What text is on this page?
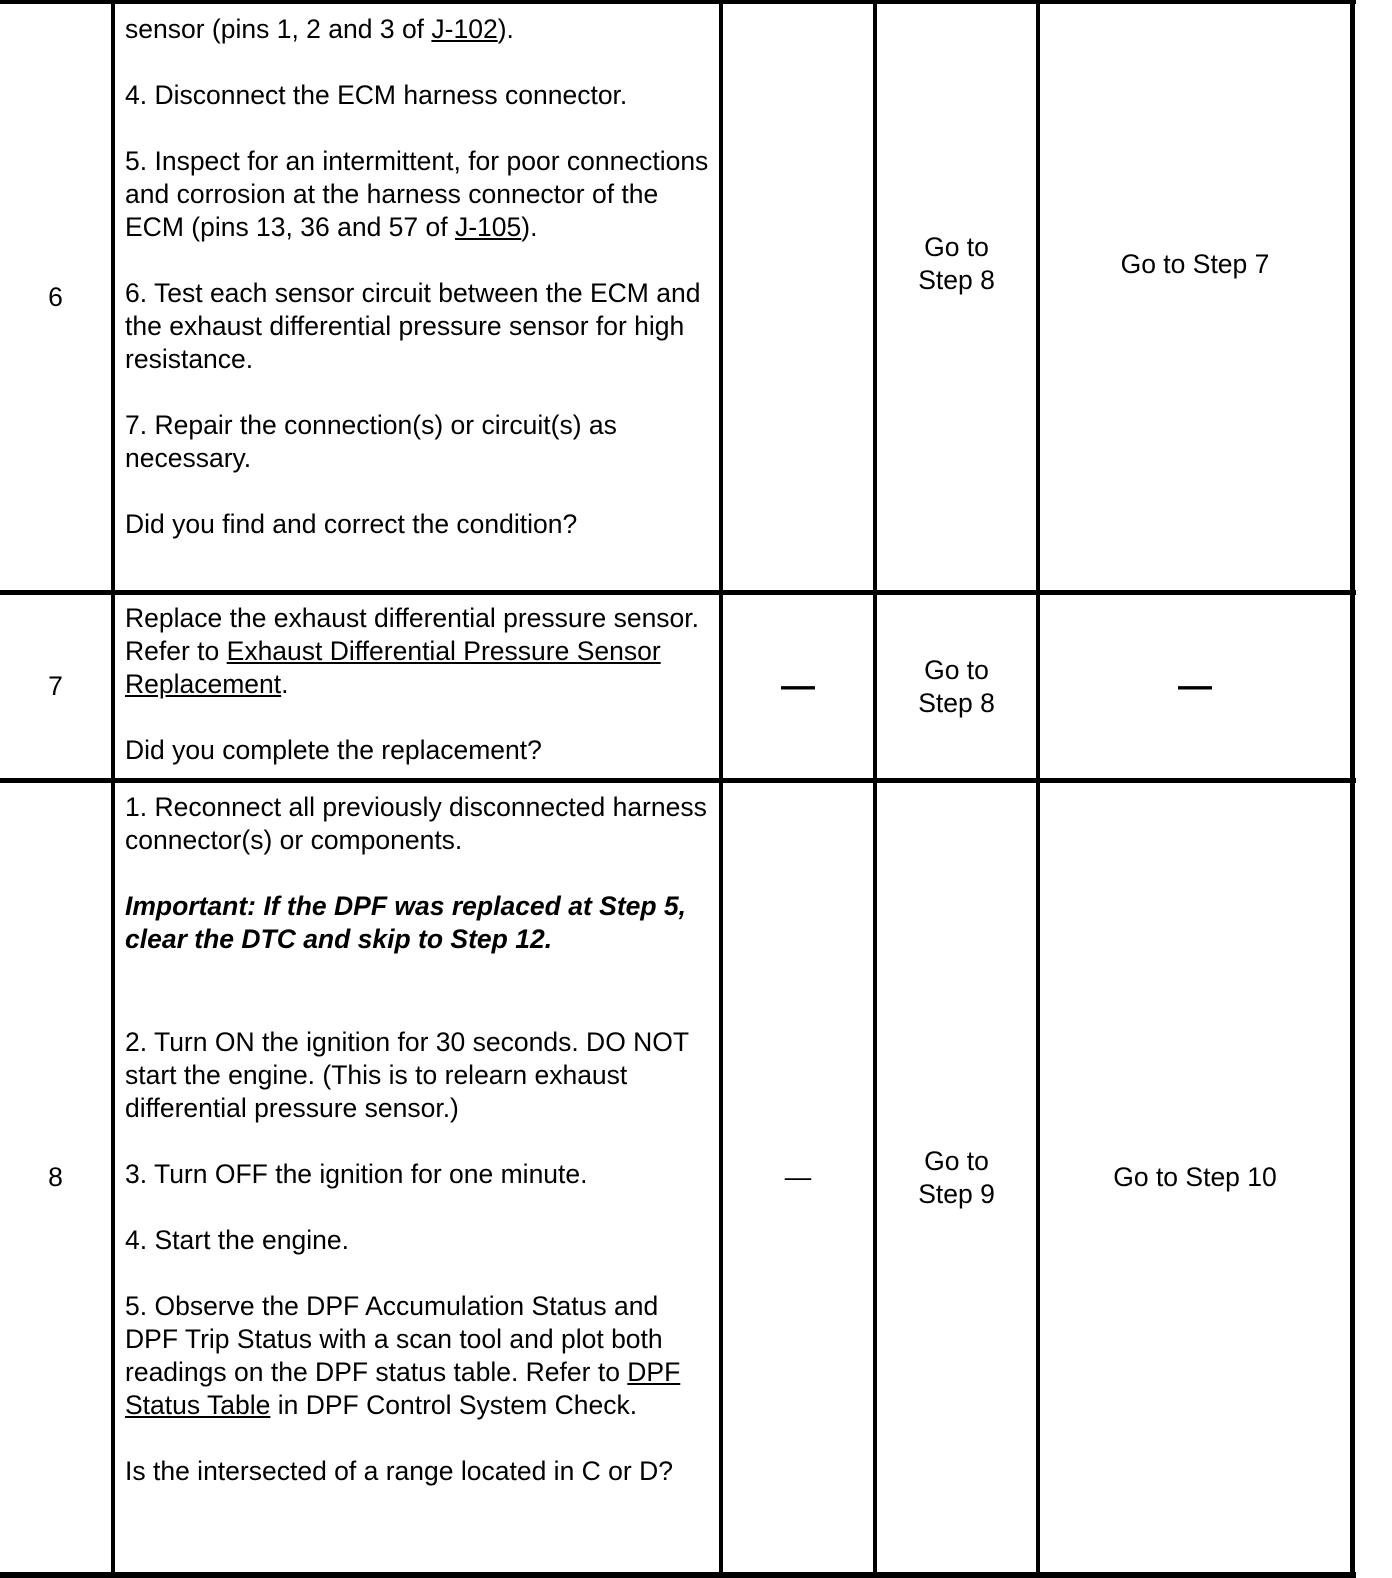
6

sensor (pins 1, 2 and 3 of J-102).

4. Disconnect the ECM harness connector.

5. Inspect for an intermittent, for poor connections and corrosion at the harness connector of the ECM (pins 13, 36 and 57 of J-105).

6. Test each sensor circuit between the ECM and the exhaust differential pressure sensor for high resistance.

7. Repair the connection(s) or circuit(s) as necessary.

Did you find and correct the condition?

Go to Step 8
Go to Step 7
7

Replace the exhaust differential pressure sensor. Refer to Exhaust Differential Pressure Sensor Replacement.

Did you complete the replacement?

—	Go to Step 8	—
8

1. Reconnect all previously disconnected harness connector(s) or components.

Important: If the DPF was replaced at Step 5, clear the DTC and skip to Step 12.

2. Turn ON the ignition for 30 seconds. DO NOT start the engine. (This is to relearn exhaust differential pressure sensor.)

3. Turn OFF the ignition for one minute.

4. Start the engine.

5. Observe the DPF Accumulation Status and DPF Trip Status with a scan tool and plot both readings on the DPF status table. Refer to DPF Status Table in DPF Control System Check.

Is the intersected of a range located in C or D?

—
Go to Step 9
Go to Step 10
